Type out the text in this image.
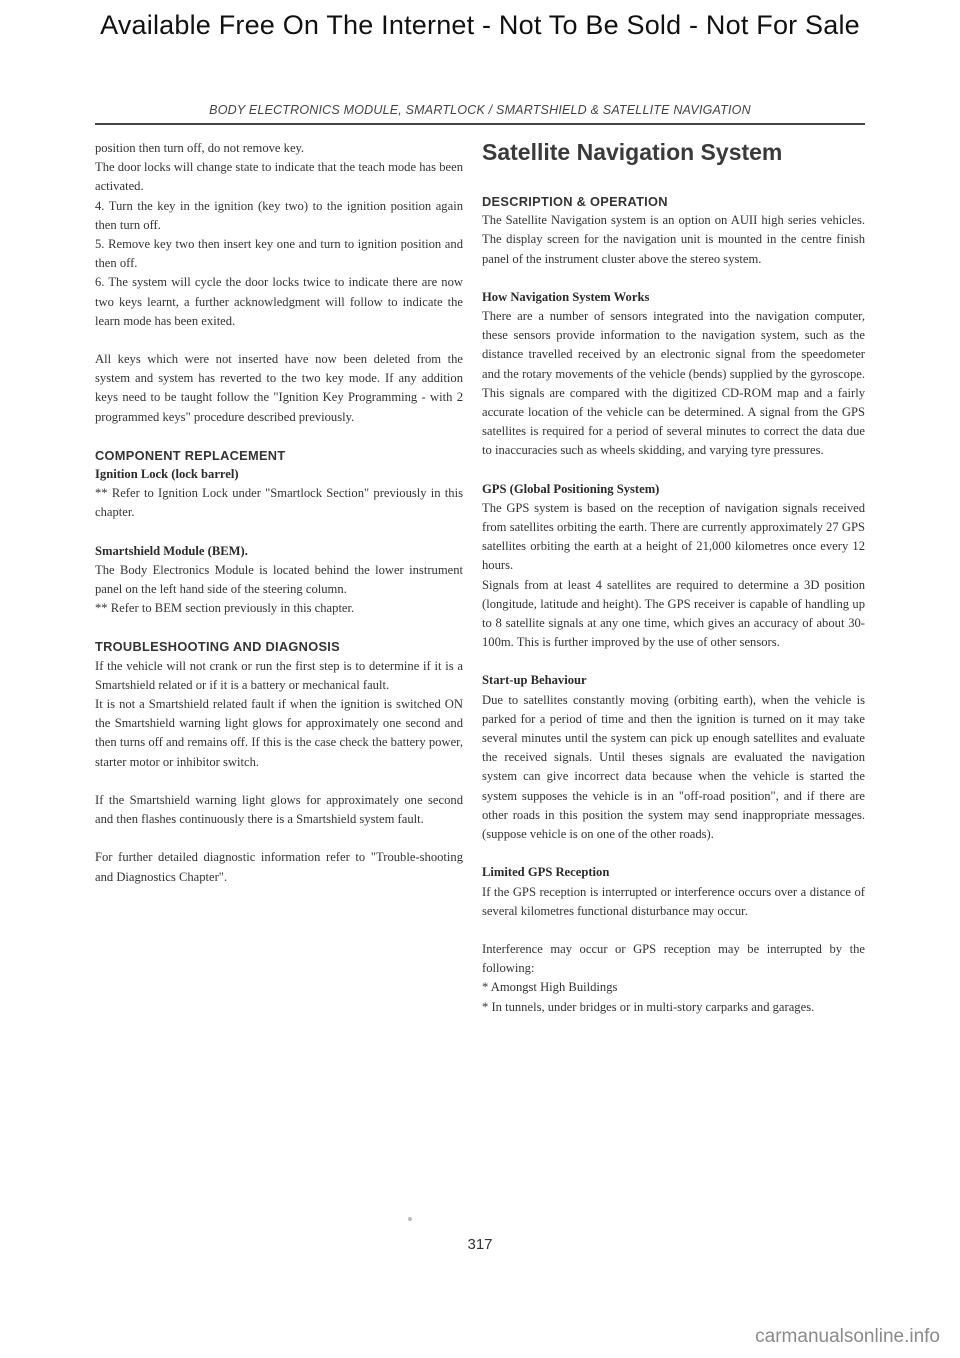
Available Free On The Internet - Not To Be Sold - Not For Sale
BODY ELECTRONICS MODULE, SMARTLOCK / SMARTSHIELD & SATELLITE NAVIGATION

position then turn off, do not remove key.

The door locks will change state to indicate that the teach mode has been activated.

4. Turn the key in the ignition (key two) to the ignition position again then turn off.

5. Remove key two then insert key one and turn to ignition position and then off.

6. The system will cycle the door locks twice to indicate there are now two keys learnt, a further acknowledgment will follow to indicate the learn mode has been exited.

All keys which were not inserted have now been deleted from the system and system has reverted to the two key mode. If any addition keys need to be taught follow the "Ignition Key Programming - with 2 programmed keys" procedure described previously.

COMPONENT REPLACEMENT

Ignition Lock (lock barrel)

** Refer to Ignition Lock under "Smartlock Section" previously in this chapter.

Smartshield Module (BEM).

The Body Electronics Module is located behind the lower instrument panel on the left hand side of the steering column.

** Refer to BEM section previously in this chapter.

TROUBLESHOOTING AND DIAGNOSIS

If the vehicle will not crank or run the first step is to determine if it is a Smartshield related or if it is a battery or mechanical fault.

It is not a Smartshield related fault if when the ignition is switched ON the Smartshield warning light glows for approximately one second and then turns off and remains off. If this is the case check the battery power, starter motor or inhibitor switch.

If the Smartshield warning light glows for approximately one second and then flashes continuously there is a Smartshield system fault.

For further detailed diagnostic information refer to "Trouble-shooting and Diagnostics Chapter".

Satellite Navigation System

DESCRIPTION & OPERATION

The Satellite Navigation system is an option on AUII high series vehicles. The display screen for the navigation unit is mounted in the centre finish panel of the instrument cluster above the stereo system.

How Navigation System Works

There are a number of sensors integrated into the navigation computer, these sensors provide information to the navigation system, such as the distance travelled received by an electronic signal from the speedometer and the rotary movements of the vehicle (bends) supplied by the gyroscope. This signals are compared with the digitized CD-ROM map and a fairly accurate location of the vehicle can be determined. A signal from the GPS satellites is required for a period of several minutes to correct the data due to inaccuracies such as wheels skidding, and varying tyre pressures.

GPS (Global Positioning System)

The GPS system is based on the reception of navigation signals received from satellites orbiting the earth. There are currently approximately 27 GPS satellites orbiting the earth at a height of 21,000 kilometres once every 12 hours.

Signals from at least 4 satellites are required to determine a 3D position (longitude, latitude and height). The GPS receiver is capable of handling up to 8 satellite signals at any one time, which gives an accuracy of about 30-100m. This is further improved by the use of other sensors.

Start-up Behaviour

Due to satellites constantly moving (orbiting earth), when the vehicle is parked for a period of time and then the ignition is turned on it may take several minutes until the system can pick up enough satellites and evaluate the received signals. Until theses signals are evaluated the navigation system can give incorrect data because when the vehicle is started the system supposes the vehicle is in an "off-road position", and if there are other roads in this position the system may send inappropriate messages. (suppose vehicle is on one of the other roads).

Limited GPS Reception

If the GPS reception is interrupted or interference occurs over a distance of several kilometres functional disturbance may occur.

Interference may occur or GPS reception may be interrupted by the following:

* Amongst High Buildings

* In tunnels, under bridges or in multi-story carparks and garages.

317
carmanualsonline.info
